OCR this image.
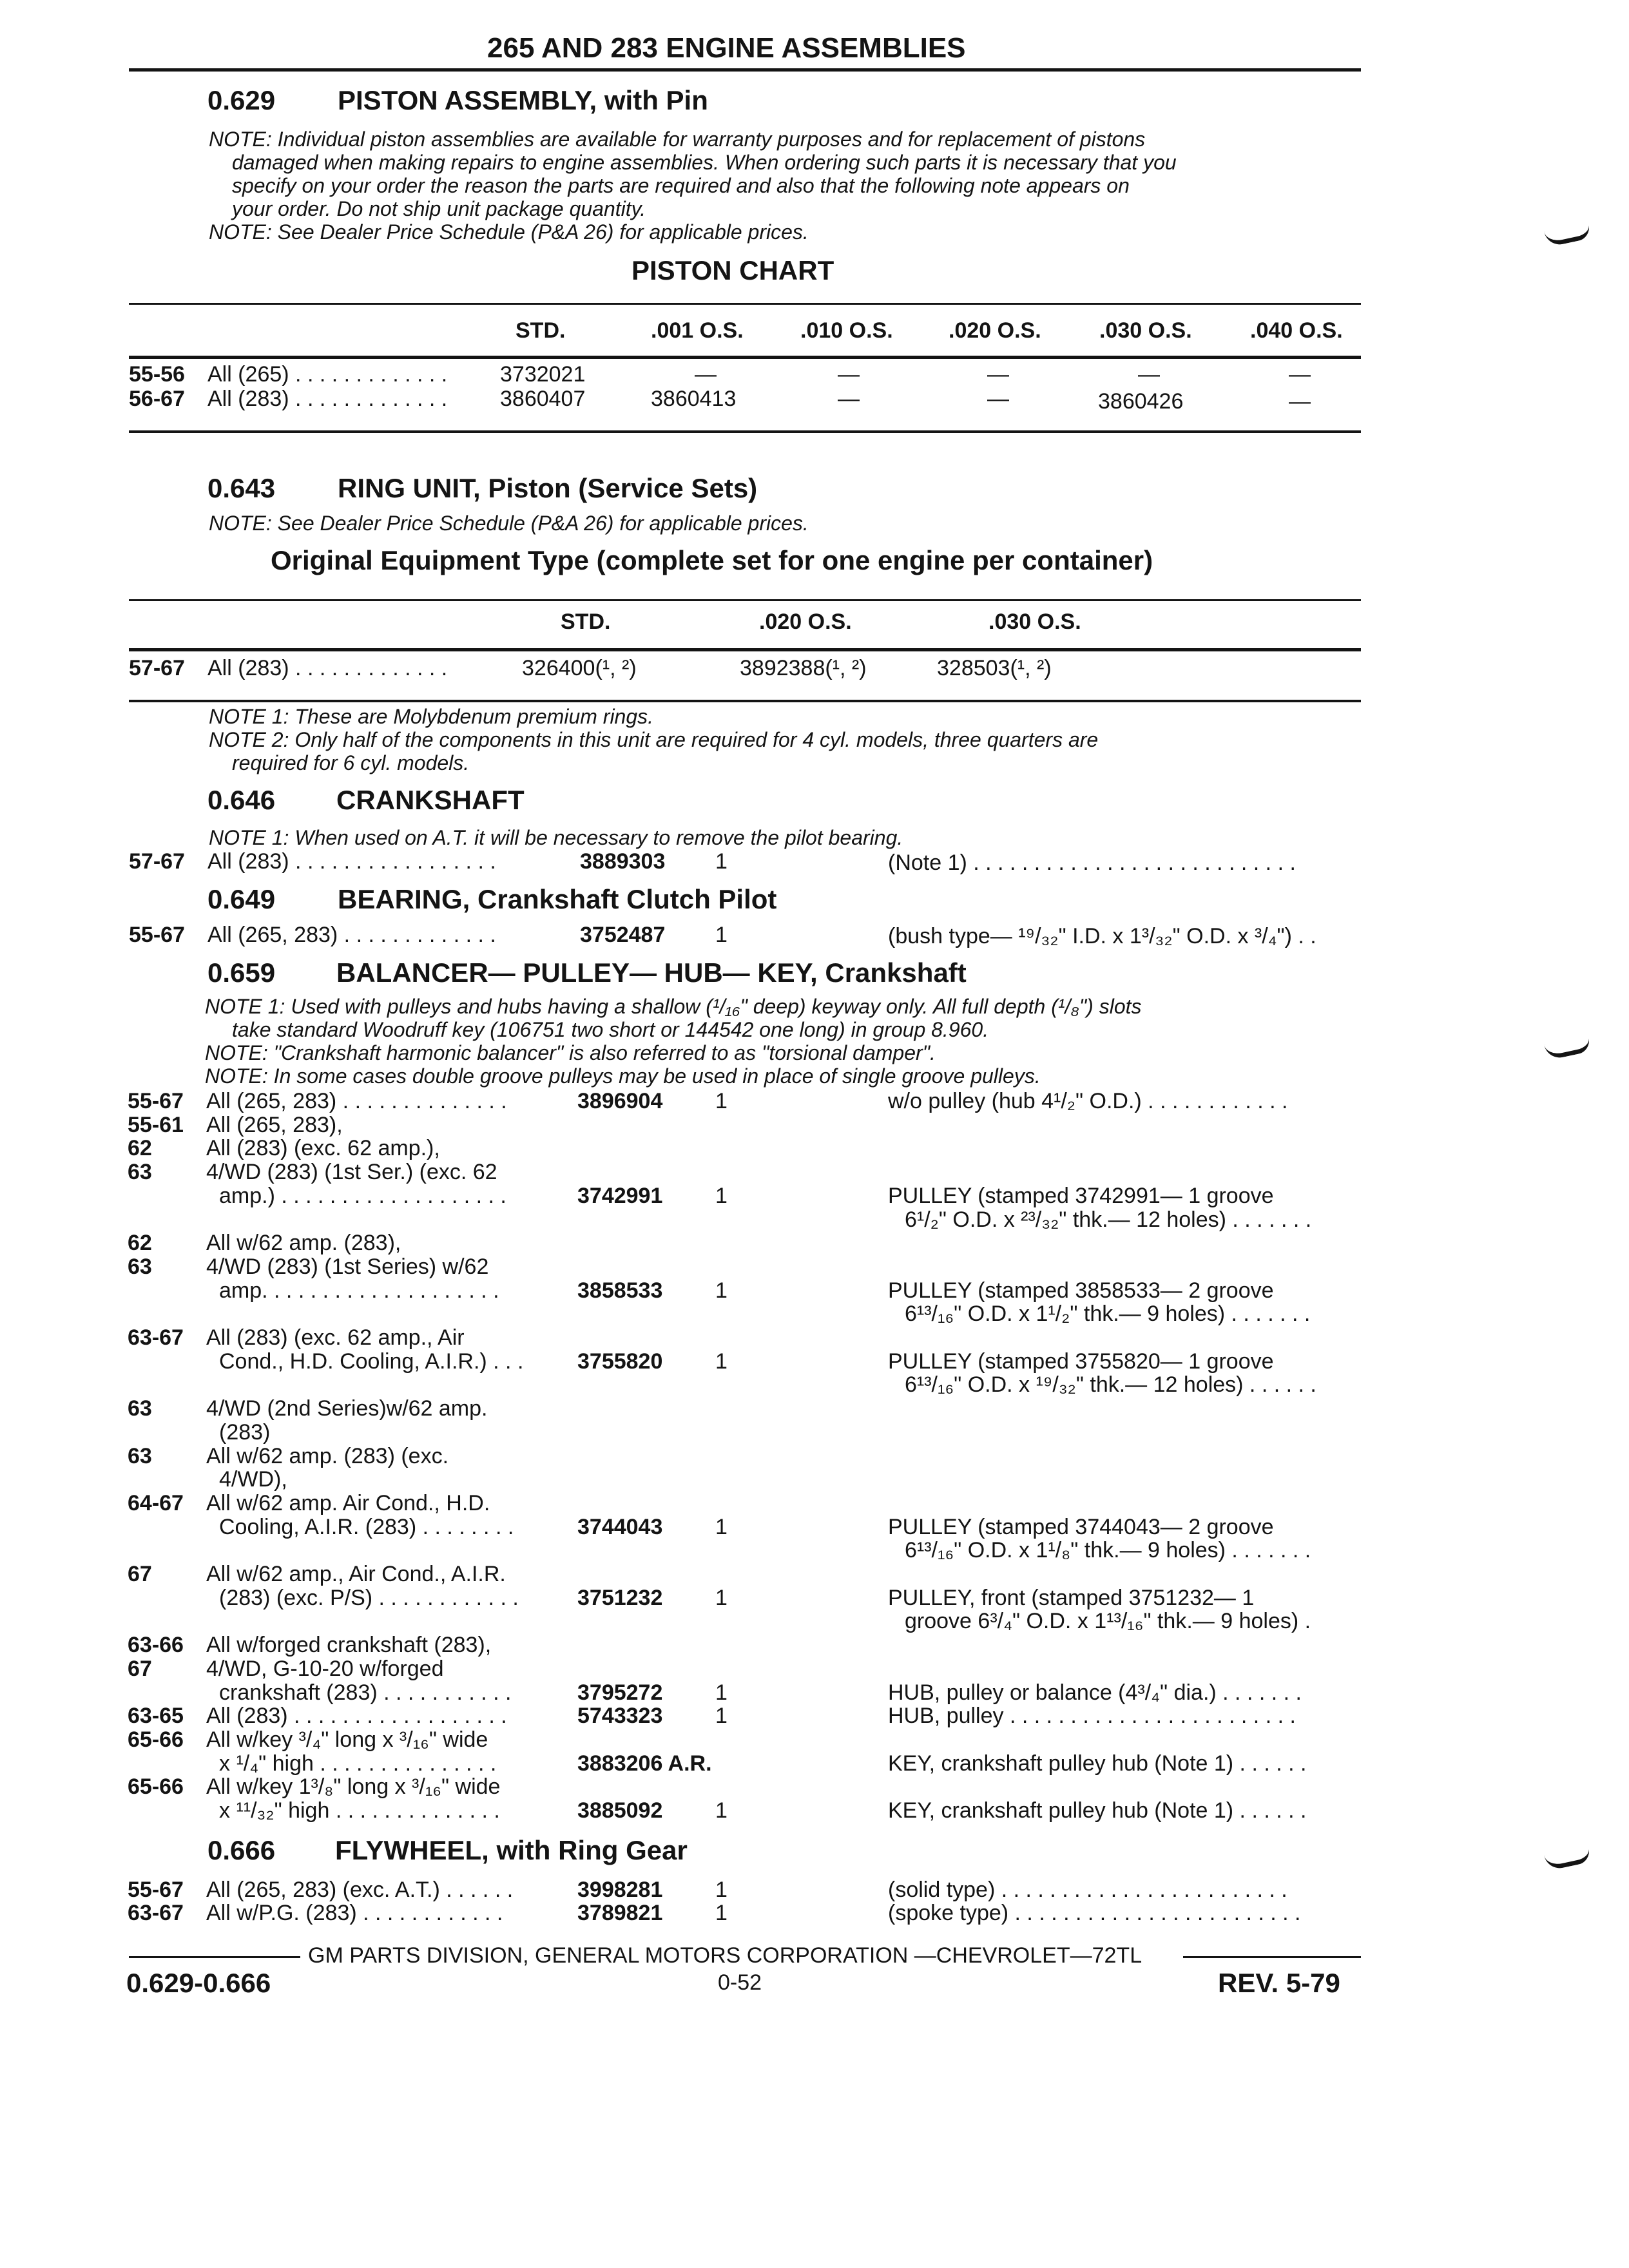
265 AND 283 ENGINE ASSEMBLIES
0.629 PISTON ASSEMBLY, with Pin
NOTE: Individual piston assemblies are available for warranty purposes and for replacement of pistons
damaged when making repairs to engine assemblies. When ordering such parts it is necessary that you
specify on your order the reason the parts are required and also that the following note appears on
your order. Do not ship unit package quantity.
NOTE: See Dealer Price Schedule (P&A 26) for applicable prices.
PISTON CHART
STD.	.001 O.S.	.010 O.S.	.020 O.S.	.030 O.S.	.040 O.S.
55-56 All (265) . . . . . . . . . . . . . 3732021	—	—	—	—	—
56-67 All (283) . . . . . . . . . . . . . 3860407	3860413	—	—	3860426	—
0.643 RING UNIT, Piston (Service Sets)
NOTE: See Dealer Price Schedule (P&A 26) for applicable prices.
Original Equipment Type (complete set for one engine per container)
STD.	.020 O.S.	.030 O.S.
57-67 All (283) . . . . . . . . . . . . .	326400(¹, ²)	3892388(¹, ²)	328503(¹, ²)
NOTE 1: These are Molybdenum premium rings.
NOTE 2: Only half of the components in this unit are required for 4 cyl. models, three quarters are
required for 6 cyl. models.
0.646 CRANKSHAFT
NOTE 1: When used on A.T. it will be necessary to remove the pilot bearing.
57-67 All (283) . . . . . . . . . . . . . . . . .	3889303 1	(Note 1) . . . . . . . . . . . . . . . . . . . . . . . . . . .
0.649 BEARING, Crankshaft Clutch Pilot
55-67 All (265, 283) . . . . . . . . . . . . .	3752487 1	(bush type— ¹⁹/₃₂" I.D. x 1³/₃₂" O.D. x ³/₄") . .
0.659 BALANCER— PULLEY— HUB— KEY, Crankshaft
NOTE 1: Used with pulleys and hubs having a shallow (¹/₁₆" deep) keyway only. All full depth (¹/₈") slots
take standard Woodruff key (106751 two short or 144542 one long) in group 8.960.
NOTE: "Crankshaft harmonic balancer" is also referred to as "torsional damper".
NOTE: In some cases double groove pulleys may be used in place of single groove pulleys.
55-67 All (265, 283) . . . . . . . . . . . . . .	3896904 1	w/o pulley (hub 4¹/₂" O.D.) . . . . . . . . . . . .
55-61 All (265, 283),
62 All (283) (exc. 62 amp.),
63 4/WD (283) (1st Ser.) (exc. 62
amp.) . . . . . . . . . . . . . . . . . . .	3742991 1	PULLEY (stamped 3742991— 1 groove
6¹/₂" O.D. x ²³/₃₂" thk.— 12 holes) . . . . . . .
62 All w/62 amp. (283),
63 4/WD (283) (1st Series) w/62
amp. . . . . . . . . . . . . . . . . . . .	3858533 1	PULLEY (stamped 3858533— 2 groove
6¹³/₁₆" O.D. x 1¹/₂" thk.— 9 holes) . . . . . . .
63-67 All (283) (exc. 62 amp., Air
Cond., H.D. Cooling, A.I.R.) . . . 3755820 1	PULLEY (stamped 3755820— 1 groove
6¹³/₁₆" O.D. x ¹⁹/₃₂" thk.— 12 holes) . . . . . .
63 4/WD (2nd Series)w/62 amp.
(283)
63 All w/62 amp. (283) (exc.
4/WD),
64-67 All w/62 amp. Air Cond., H.D.
Cooling, A.I.R. (283) . . . . . . . .	3744043 1	PULLEY (stamped 3744043— 2 groove
6¹³/₁₆" O.D. x 1¹/₈" thk.— 9 holes) . . . . . . .
67 All w/62 amp., Air Cond., A.I.R.
(283) (exc. P/S) . . . . . . . . . . . .	3751232 1	PULLEY, front (stamped 3751232— 1
groove 6³/₄" O.D. x 1¹³/₁₆" thk.— 9 holes) .
63-66 All w/forged crankshaft (283),
67 4/WD, G-10-20 w/forged
crankshaft (283) . . . . . . . . . . .	3795272 1	HUB, pulley or balance (4³/₄" dia.) . . . . . . .
63-65 All (283) . . . . . . . . . . . . . . . . . .	5743323 1	HUB, pulley . . . . . . . . . . . . . . . . . . . . . . . .
65-66 All w/key ³/₄" long x ³/₁₆" wide
x ¹/₄" high . . . . . . . . . . . . . . .	3883206 A.R.	KEY, crankshaft pulley hub (Note 1) . . . . . .
65-66 All w/key 1³/₈" long x ³/₁₆" wide
x ¹¹/₃₂" high . . . . . . . . . . . . . .	3885092 1	KEY, crankshaft pulley hub (Note 1) . . . . . .
0.666 FLYWHEEL, with Ring Gear
55-67 All (265, 283) (exc. A.T.) . . . . . .	3998281 1	(solid type) . . . . . . . . . . . . . . . . . . . . . . . .
63-67 All w/P.G. (283) . . . . . . . . . . . .	3789821 1	(spoke type) . . . . . . . . . . . . . . . . . . . . . . . .
GM PARTS DIVISION, GENERAL MOTORS CORPORATION —CHEVROLET—72TL
0.629-0.666	0-52	REV. 5-79
